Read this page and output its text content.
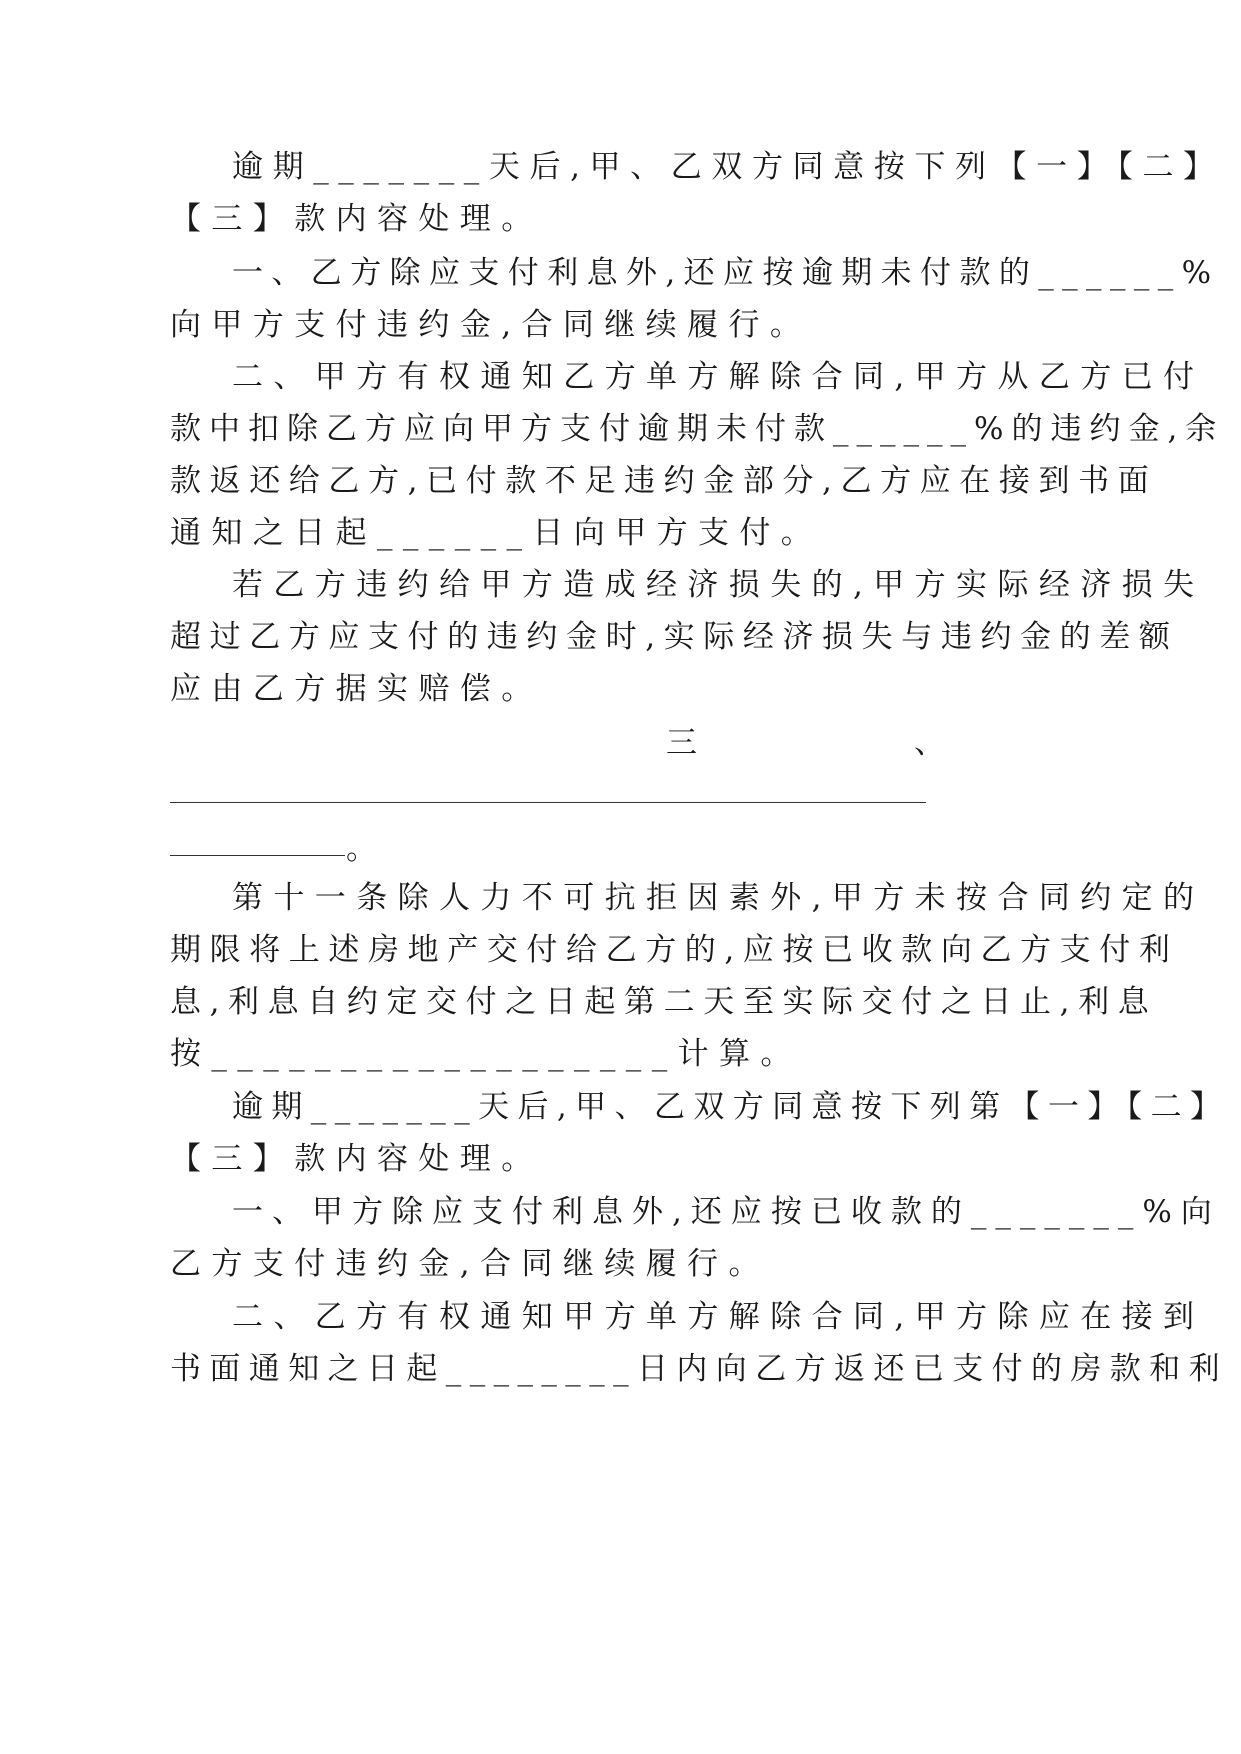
逾期_______天后,甲、乙双方同意按下列【一】【二】
【三】款内容处理。
一、乙方除应支付利息外,还应按逾期未付款的______%
向甲方支付违约金,合同继续履行。
二、甲方有权通知乙方单方解除合同,甲方从乙方已付
款中扣除乙方应向甲方支付逾期未付款______%的违约金,余
款返还给乙方,已付款不足违约金部分,乙方应在接到书面
通知之日起______日向甲方支付。
若乙方违约给甲方造成经济损失的,甲方实际经济损失
超过乙方应支付的违约金时,实际经济损失与违约金的差额
应由乙方据实赔偿。
三	、
。
第十一条除人力不可抗拒因素外,甲方未按合同约定的
期限将上述房地产交付给乙方的,应按已收款向乙方支付利
息,利息自约定交付之日起第二天至实际交付之日止,利息
按__________________计算。
逾期_______天后,甲、乙双方同意按下列第【一】【二】
【三】款内容处理。
一、甲方除应支付利息外,还应按已收款的_______%向
乙方支付违约金,合同继续履行。
二、乙方有权通知甲方单方解除合同,甲方除应在接到
书面通知之日起________日内向乙方返还已支付的房款和利
